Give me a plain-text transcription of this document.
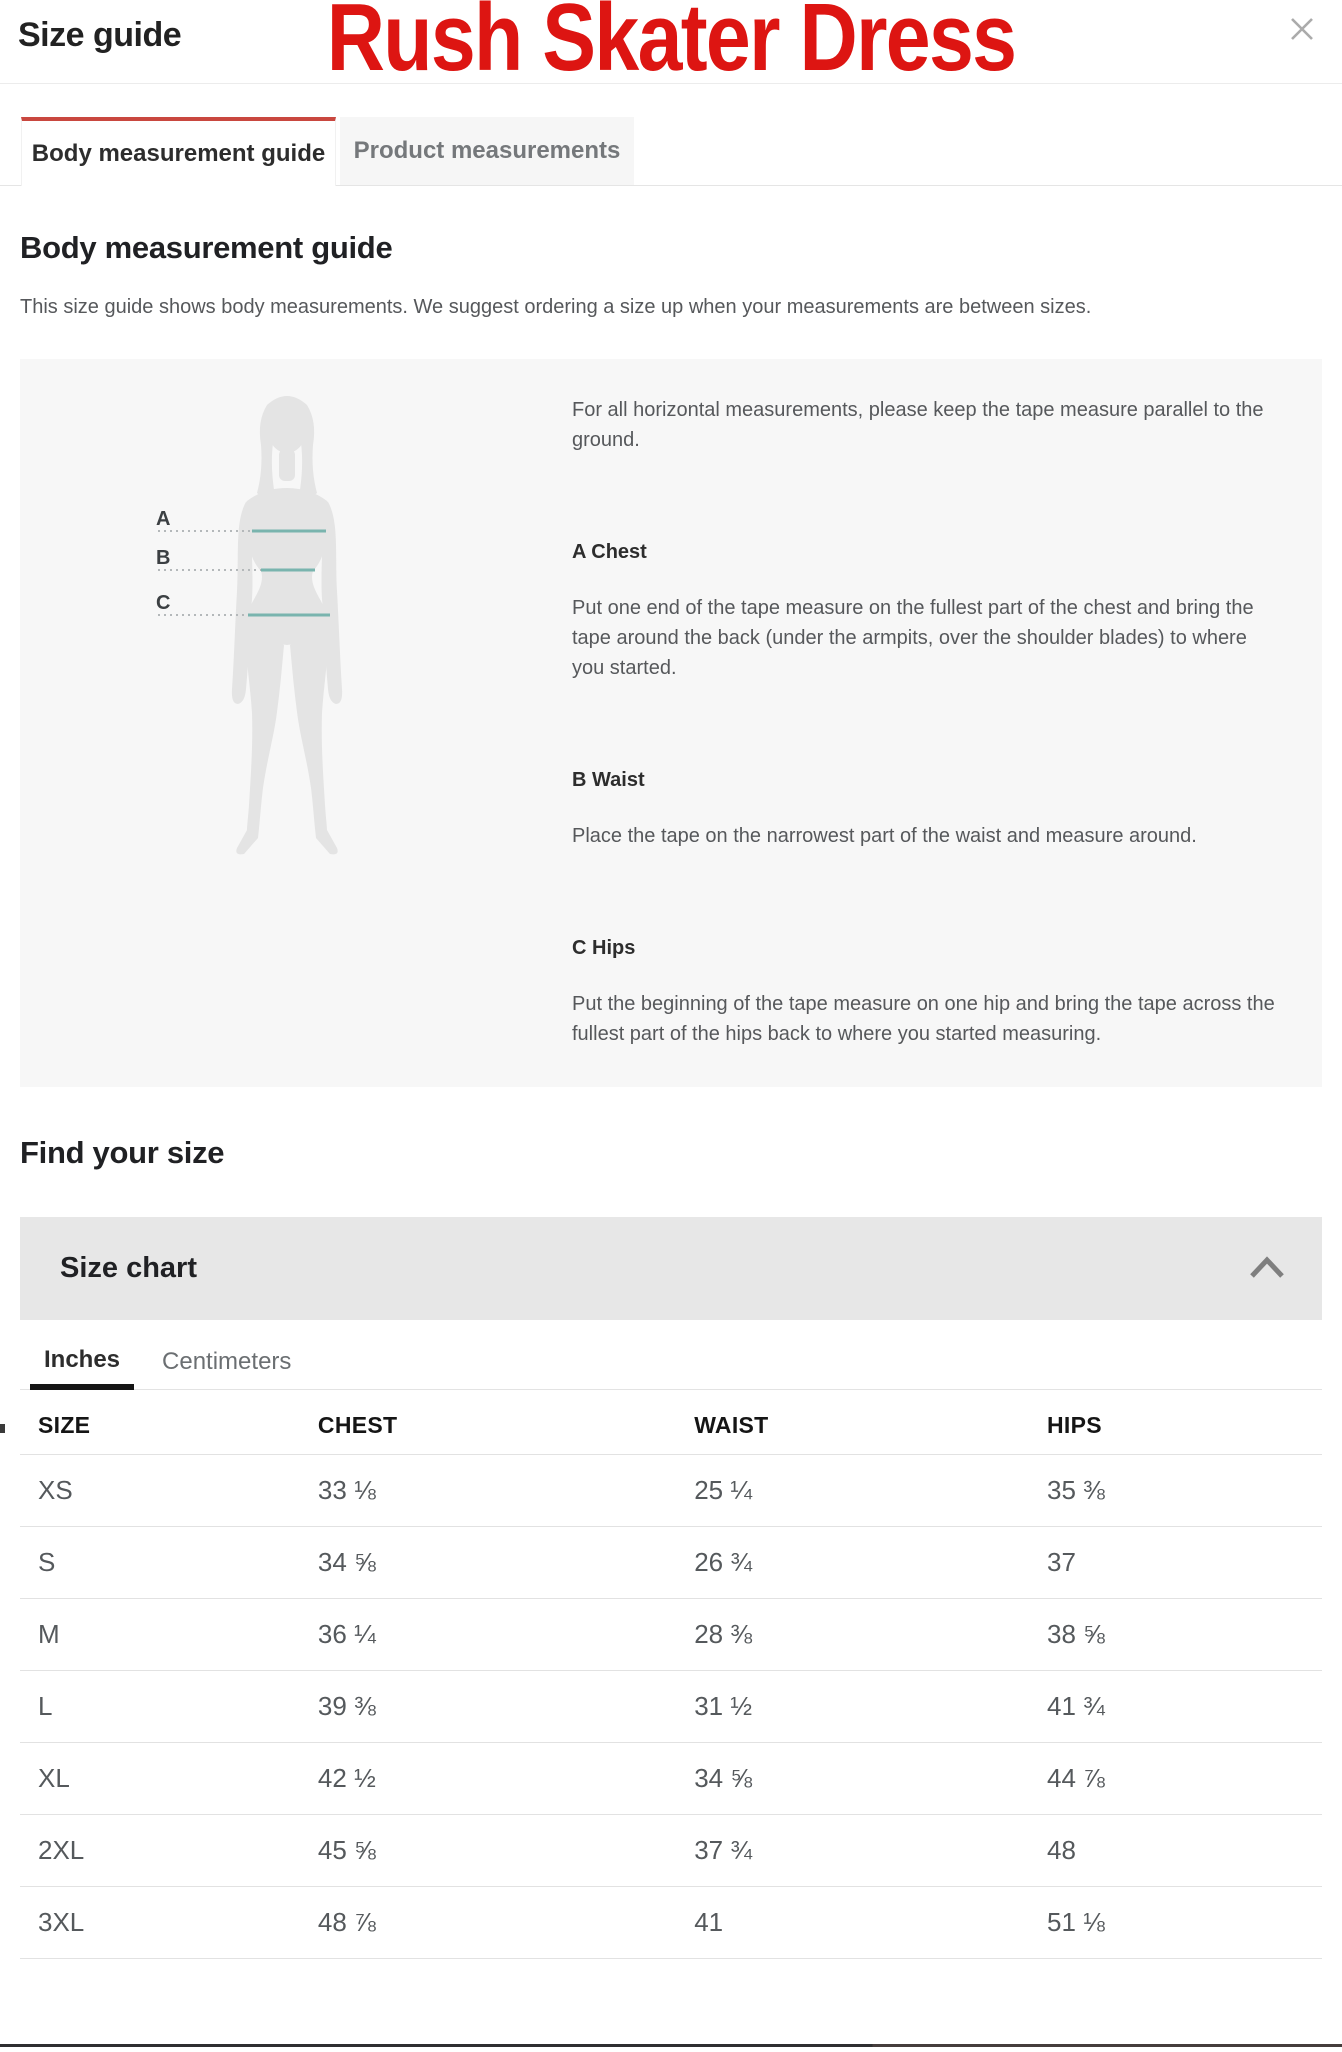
Size guide	Rush Skater Dress
Body measurement guide	Product measurements
Body measurement guide

This size guide shows body measurements. We suggest ordering a size up when your measurements are between sizes.

A
B
C

For all horizontal measurements, please keep the tape measure parallel to the ground.

A Chest

Put one end of the tape measure on the fullest part of the chest and bring the tape around the back (under the armpits, over the shoulder blades) to where you started.

B Waist

Place the tape on the narrowest part of the waist and measure around.

C Hips

Put the beginning of the tape measure on one hip and bring the tape across the fullest part of the hips back to where you started measuring.

Find your size
Size chart
Inches	Centimeters
SIZE	CHEST	WAIST	HIPS
XS	33 ⅛	25 ¼	35 ⅜
S	34 ⅝	26 ¾	37
M	36 ¼	28 ⅜	38 ⅝
L	39 ⅜	31 ½	41 ¾
XL	42 ½	34 ⅝	44 ⅞
2XL	45 ⅝	37 ¾	48
3XL	48 ⅞	41	51 ⅛
